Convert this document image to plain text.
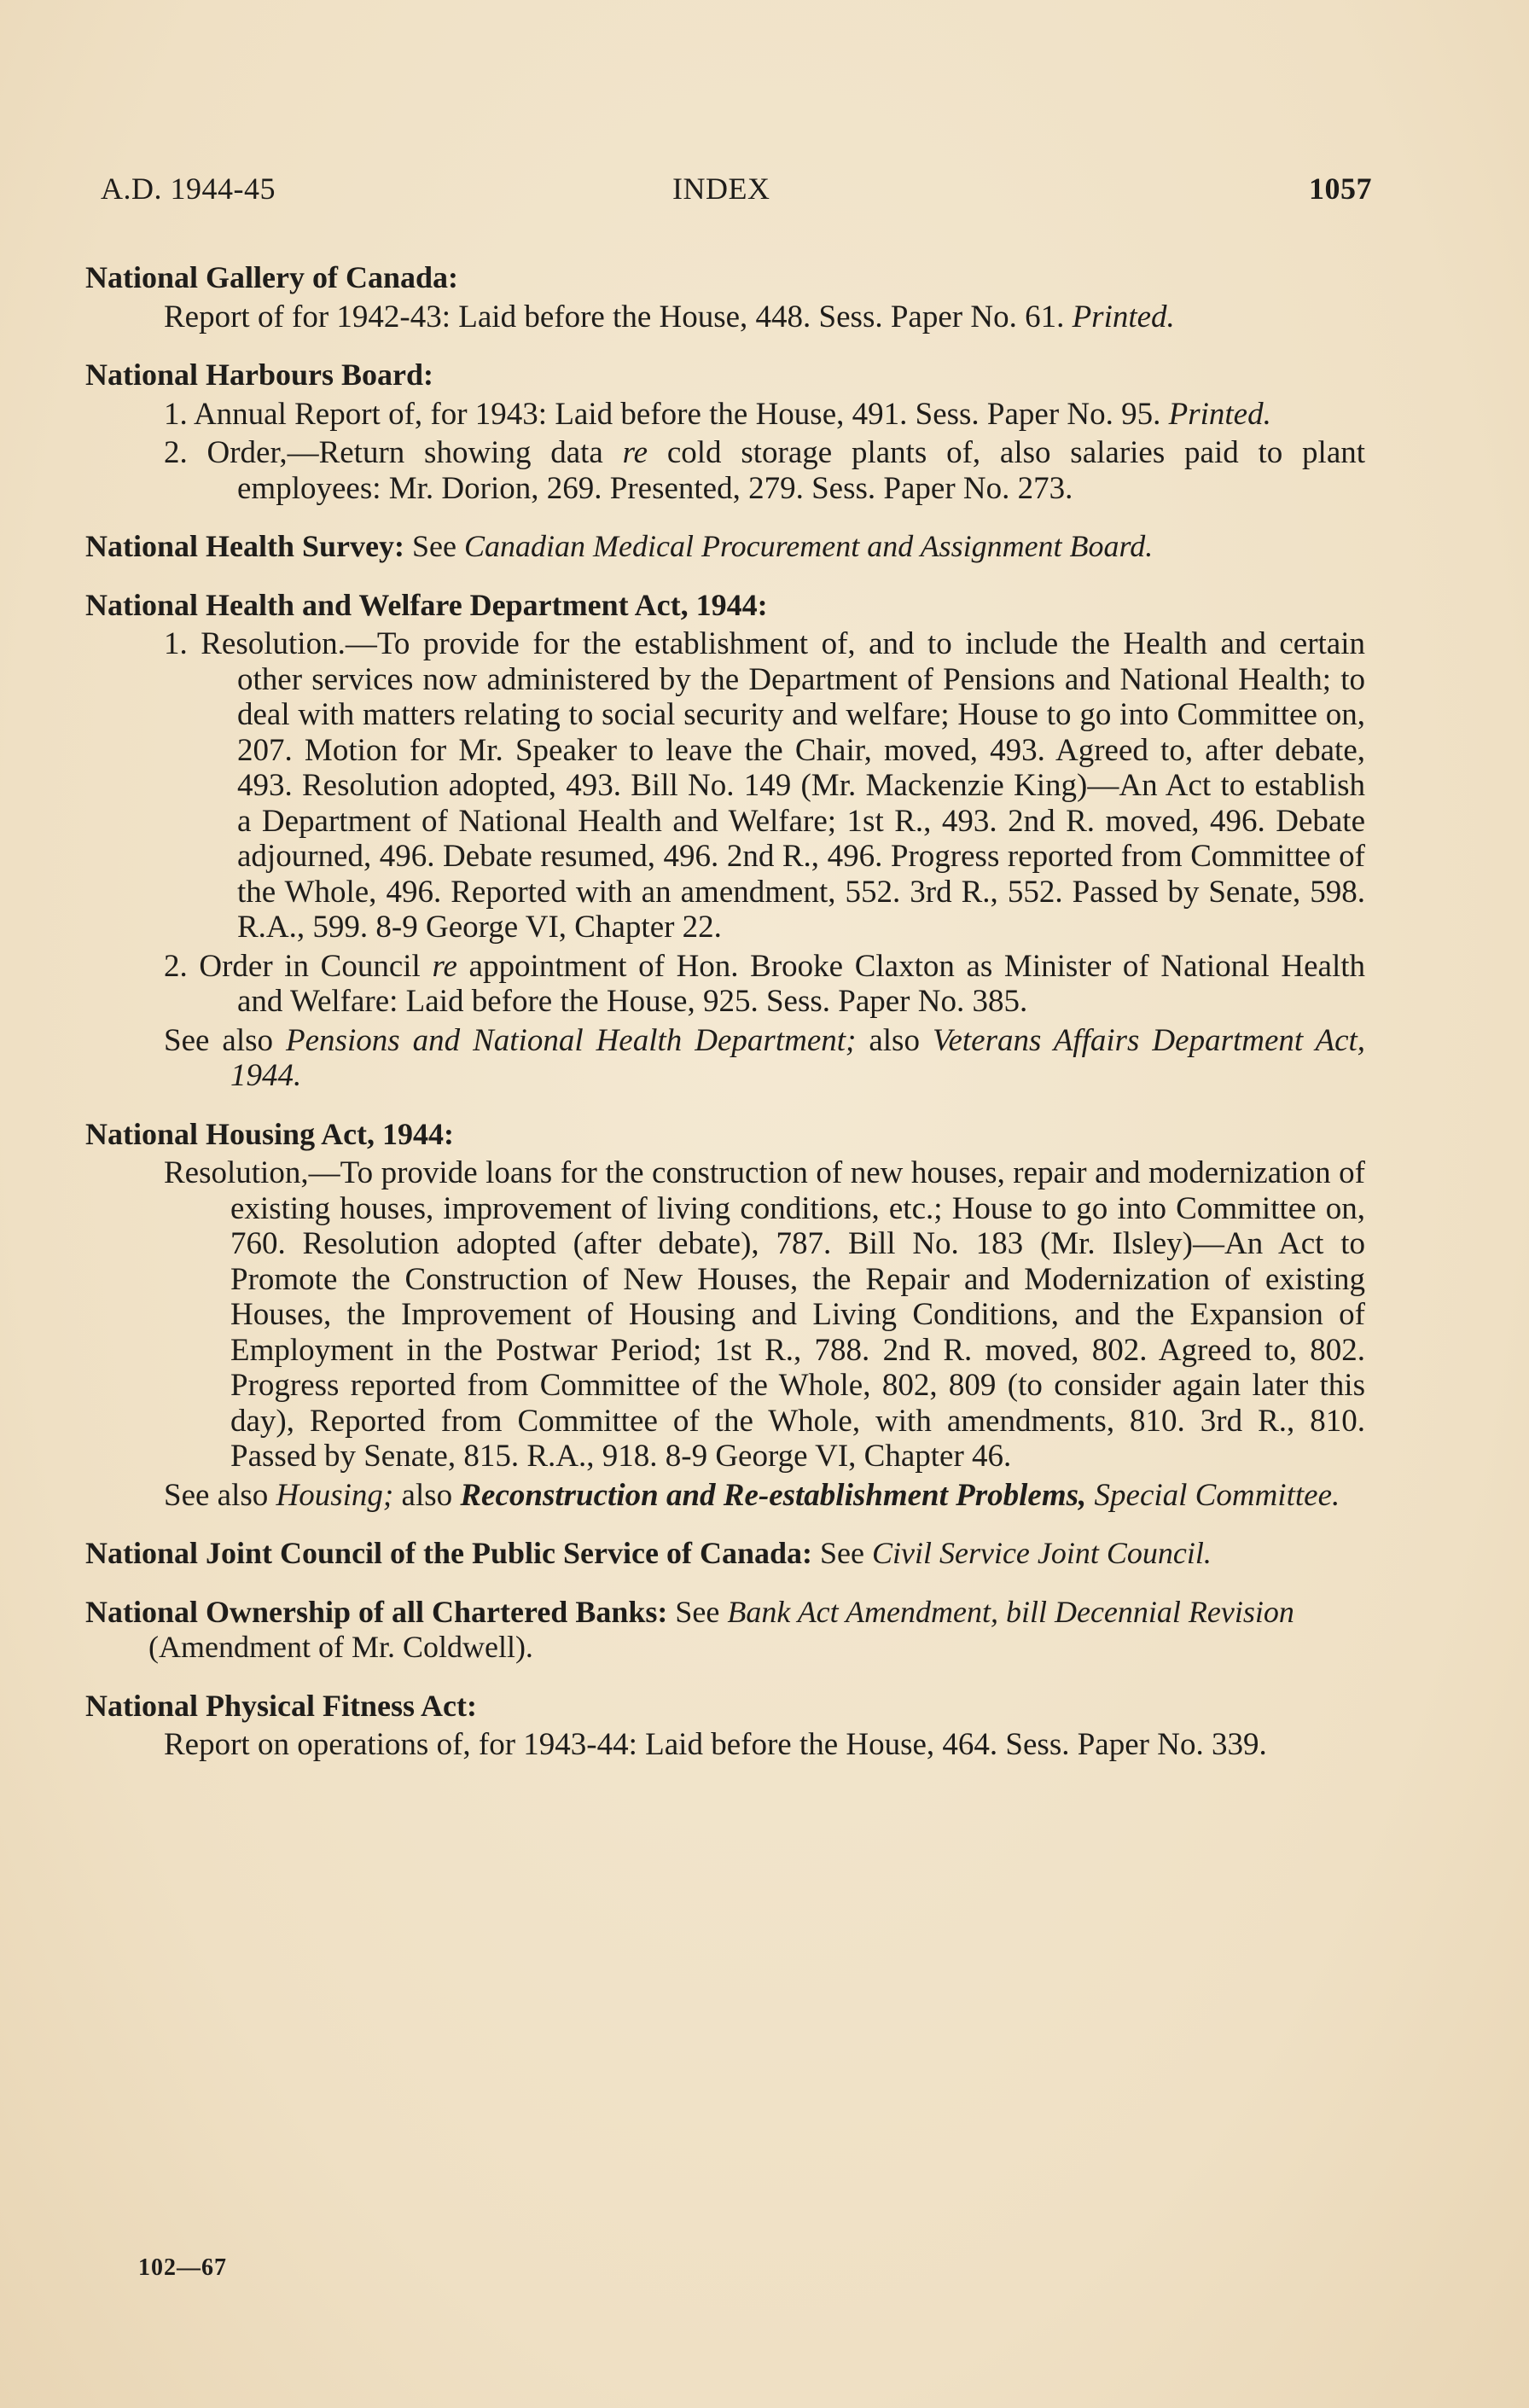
A.D. 1944-45	INDEX	1057
National Gallery of Canada:
Report of for 1942-43: Laid before the House, 448. Sess. Paper No. 61. Printed.
National Harbours Board:
1. Annual Report of, for 1943: Laid before the House, 491. Sess. Paper No. 95. Printed.
2. Order,—Return showing data re cold storage plants of, also salaries paid to plant employees: Mr. Dorion, 269. Presented, 279. Sess. Paper No. 273.
National Health Survey: See Canadian Medical Procurement and Assignment Board.
National Health and Welfare Department Act, 1944:
1. Resolution.—To provide for the establishment of, and to include the Health and certain other services now administered by the Department of Pensions and National Health; to deal with matters relating to social security and welfare; House to go into Committee on, 207. Motion for Mr. Speaker to leave the Chair, moved, 493. Agreed to, after debate, 493. Resolution adopted, 493. Bill No. 149 (Mr. Mackenzie King)—An Act to establish a Department of National Health and Welfare; 1st R., 493. 2nd R. moved, 496. Debate adjourned, 496. Debate resumed, 496. 2nd R., 496. Progress reported from Committee of the Whole, 496. Reported with an amendment, 552. 3rd R., 552. Passed by Senate, 598. R.A., 599. 8-9 George VI, Chapter 22.
2. Order in Council re appointment of Hon. Brooke Claxton as Minister of National Health and Welfare: Laid before the House, 925. Sess. Paper No. 385.
See also Pensions and National Health Department; also Veterans Affairs Department Act, 1944.
National Housing Act, 1944:
Resolution,—To provide loans for the construction of new houses, repair and modernization of existing houses, improvement of living conditions, etc.; House to go into Committee on, 760. Resolution adopted (after debate), 787. Bill No. 183 (Mr. Ilsley)—An Act to Promote the Construction of New Houses, the Repair and Modernization of existing Houses, the Improvement of Housing and Living Conditions, and the Expansion of Employment in the Postwar Period; 1st R., 788. 2nd R. moved, 802. Agreed to, 802. Progress reported from Committee of the Whole, 802, 809 (to consider again later this day), Reported from Committee of the Whole, with amendments, 810. 3rd R., 810. Passed by Senate, 815. R.A., 918. 8-9 George VI, Chapter 46.
See also Housing; also Reconstruction and Re-establishment Problems, Special Committee.
National Joint Council of the Public Service of Canada: See Civil Service Joint Council.
National Ownership of all Chartered Banks: See Bank Act Amendment, bill Decennial Revision (Amendment of Mr. Coldwell).
National Physical Fitness Act:
Report on operations of, for 1943-44: Laid before the House, 464. Sess. Paper No. 339.
102—67
